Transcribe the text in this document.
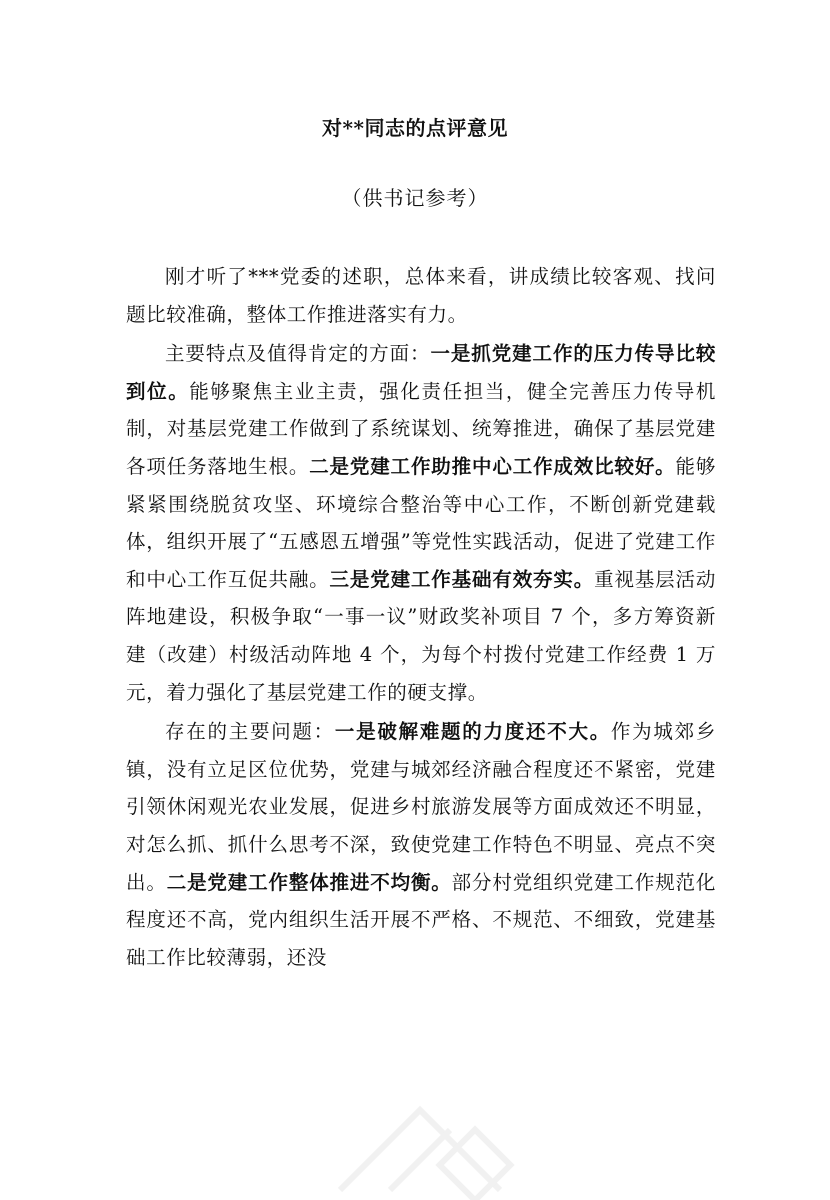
对**同志的点评意见
（供书记参考）

刚才听了***党委的述职，总体来看，讲成绩比较客观、找问题比较准确，整体工作推进落实有力。

主要特点及值得肯定的方面：一是抓党建工作的压力传导比较到位。能够聚焦主业主责，强化责任担当，健全完善压力传导机制，对基层党建工作做到了系统谋划、统筹推进，确保了基层党建各项任务落地生根。二是党建工作助推中心工作成效比较好。能够紧紧围绕脱贫攻坚、环境综合整治等中心工作，不断创新党建载体，组织开展了“五感恩五增强”等党性实践活动，促进了党建工作和中心工作互促共融。三是党建工作基础有效夯实。重视基层活动阵地建设，积极争取“一事一议”财政奖补项目 7 个，多方筹资新建（改建）村级活动阵地 4 个，为每个村拨付党建工作经费 1 万元，着力强化了基层党建工作的硬支撑。

存在的主要问题：一是破解难题的力度还不大。作为城郊乡镇，没有立足区位优势，党建与城郊经济融合程度还不紧密，党建引领休闲观光农业发展，促进乡村旅游发展等方面成效还不明显，对怎么抓、抓什么思考不深，致使党建工作特色不明显、亮点不突出。二是党建工作整体推进不均衡。部分村党组织党建工作规范化程度还不高，党内组织生活开展不严格、不规范、不细致，党建基础工作比较薄弱，还没
